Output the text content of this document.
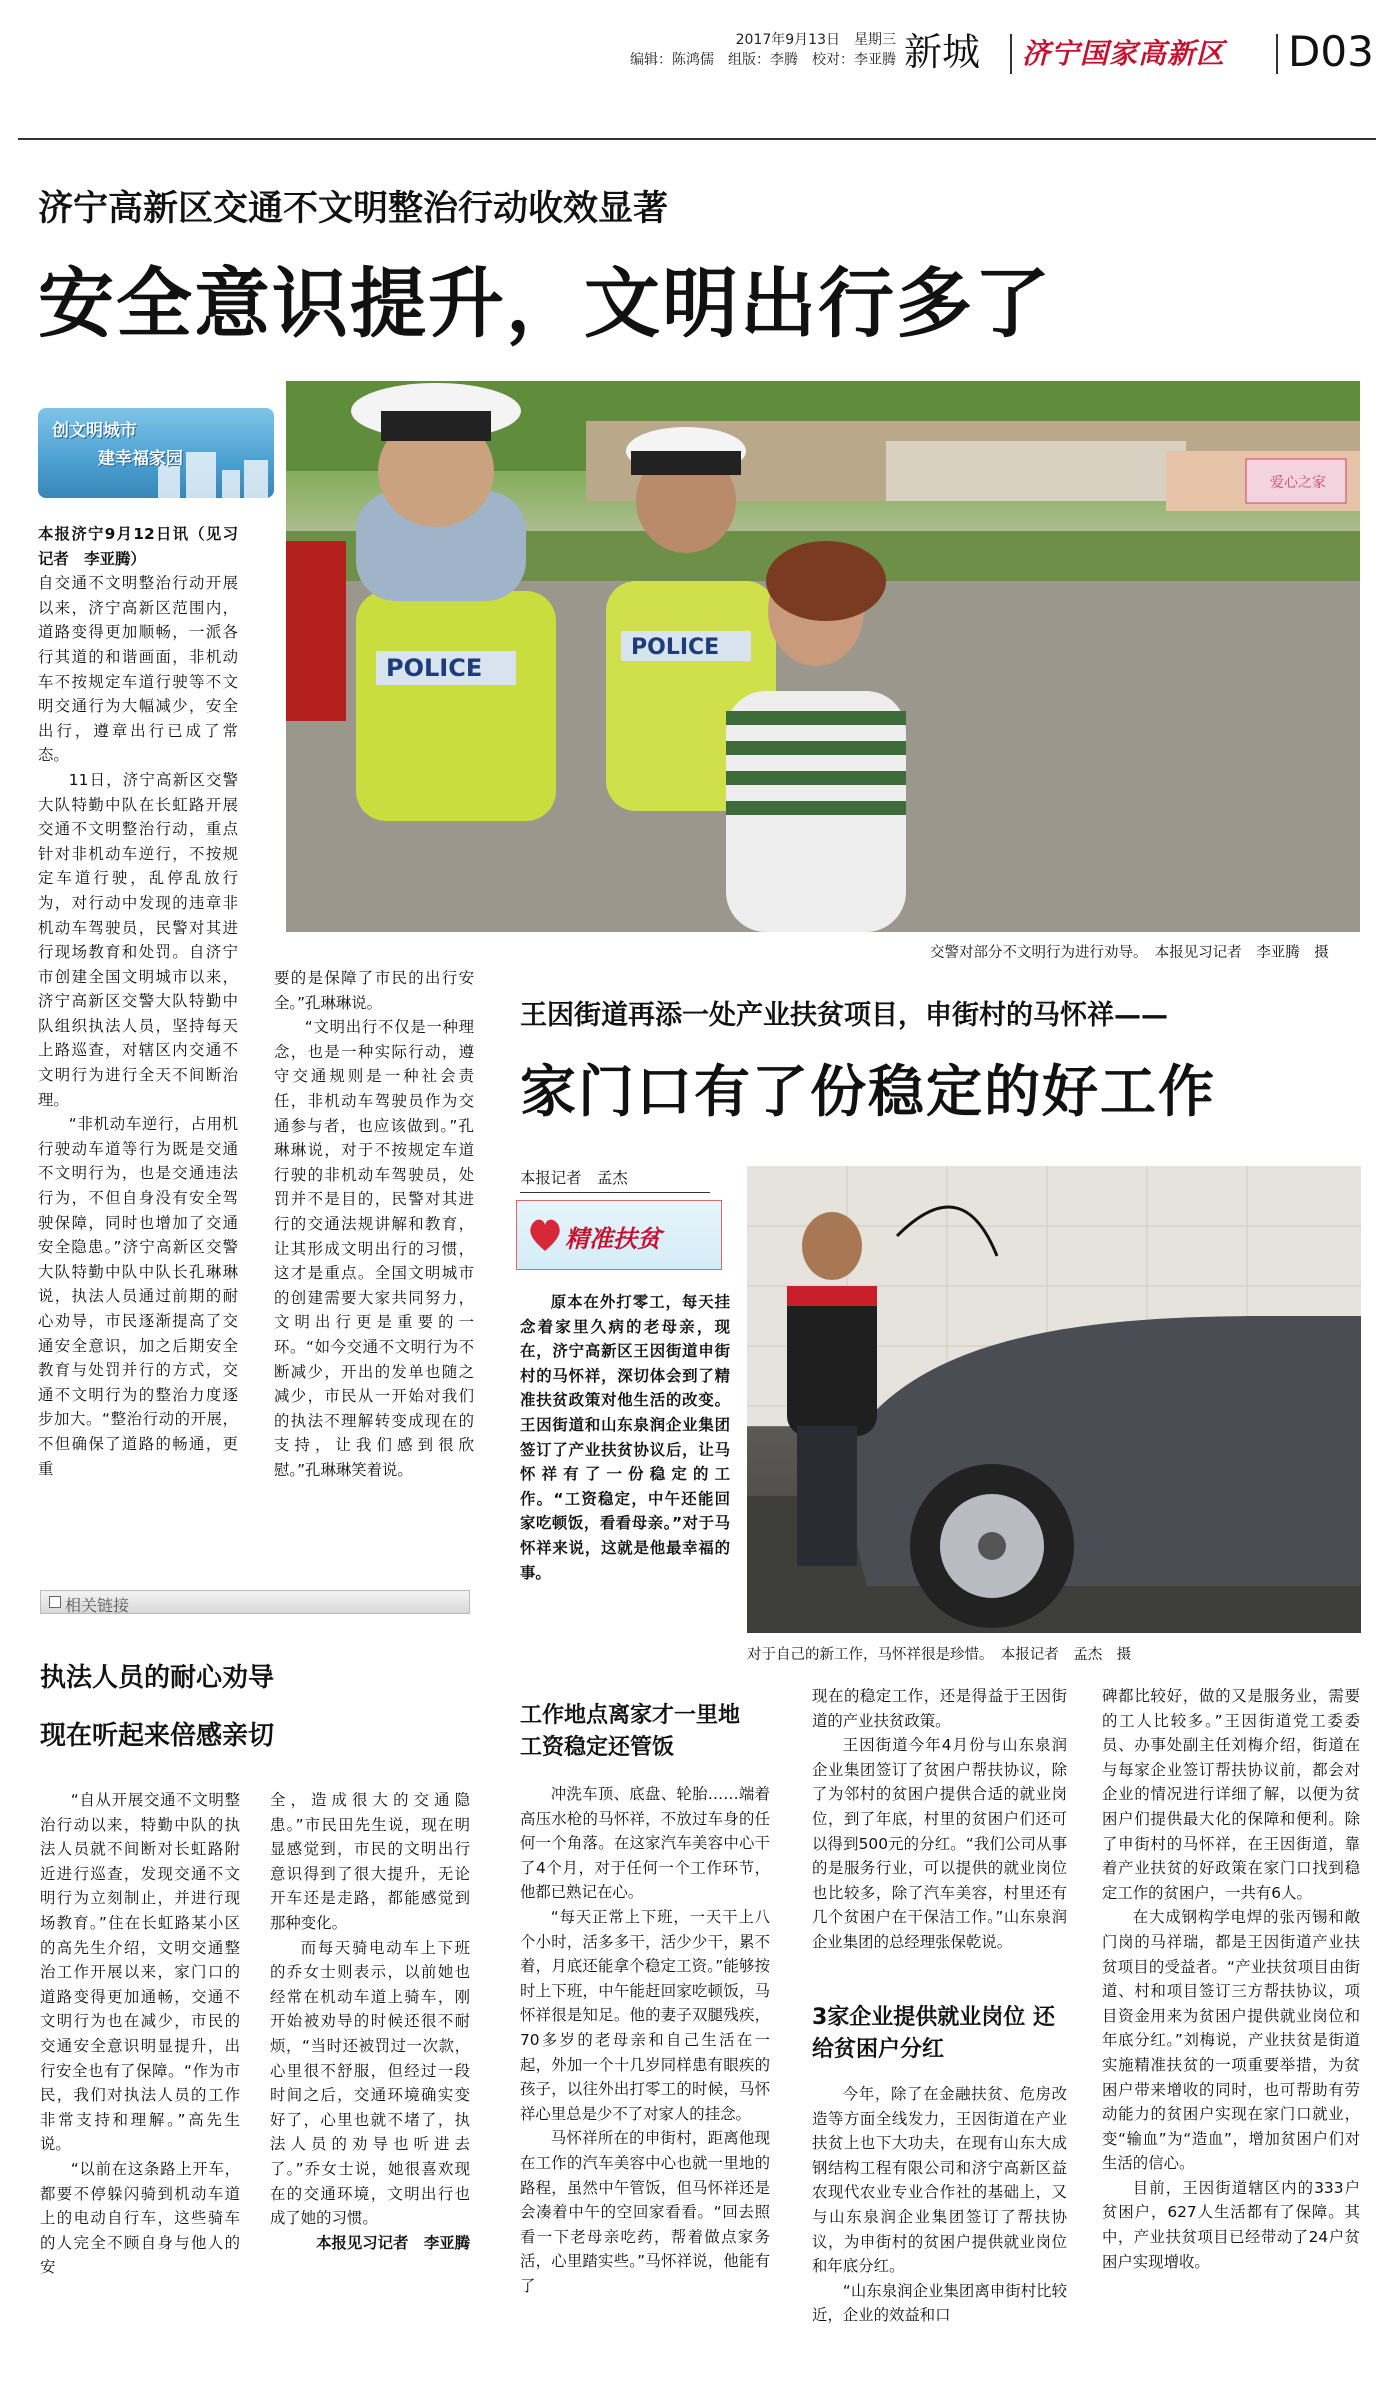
2017年9月13日　星期三
编辑：陈鸿儒　组版：李腾　校对：李亚腾 新城 济宁国家高新区 D03
济宁高新区交通不文明整治行动收效显著
安全意识提升，文明出行多了
创文明城市
建幸福家园
本报济宁9月12日讯（见习记者　李亚腾）
自交通不文明整治行动开展以来，济宁高新区范围内，道路变得更加顺畅，一派各行其道的和谐画面，非机动车不按规定车道行驶等不文明交通行为大幅减少，安全出行，遵章出行已成了常态。

11日，济宁高新区交警大队特勤中队在长虹路开展交通不文明整治行动，重点针对非机动车逆行，不按规定车道行驶，乱停乱放行为，对行动中发现的违章非机动车驾驶员，民警对其进行现场教育和处罚。自济宁市创建全国文明城市以来，济宁高新区交警大队特勤中队组织执法人员，坚持每天上路巡查，对辖区内交通不文明行为进行全天不间断治理。

“非机动车逆行，占用机行驶动车道等行为既是交通不文明行为，也是交通违法行为，不但自身没有安全驾驶保障，同时也增加了交通安全隐患。”济宁高新区交警大队特勤中队中队长孔琳琳说，执法人员通过前期的耐心劝导，市民逐渐提高了交通安全意识，加之后期安全教育与处罚并行的方式，交通不文明行为的整治力度逐步加大。“整治行动的开展，不但确保了道路的畅通，更重

要的是保障了市民的出行安全。”孔琳琳说。

“文明出行不仅是一种理念，也是一种实际行动，遵守交通规则是一种社会责任，非机动车驾驶员作为交通参与者，也应该做到。”孔琳琳说，对于不按规定车道行驶的非机动车驾驶员，处罚并不是目的，民警对其进行的交通法规讲解和教育，让其形成文明出行的习惯，这才是重点。全国文明城市的创建需要大家共同努力，文明出行更是重要的一环。“如今交通不文明行为不断减少，开出的发单也随之减少，市民从一开始对我们的执法不理解转变成现在的支持，让我们感到很欣慰。”孔琳琳笑着说。

爱心之家
POLICE
POLICE
交警对部分不文明行为进行劝导。　本报见习记者　李亚腾　摄
王因街道再添一处产业扶贫项目，申街村的马怀祥——
家门口有了份稳定的好工作
本报记者　孟杰
精准扶贫

原本在外打零工，每天挂念着家里久病的老母亲，现在，济宁高新区王因街道申街村的马怀祥，深切体会到了精准扶贫政策对他生活的改变。王因街道和山东泉润企业集团签订了产业扶贫协议后，让马怀祥有了一份稳定的工作。“工资稳定，中午还能回家吃顿饭，看看母亲。”对于马怀祥来说，这就是他最幸福的事。

对于自己的新工作，马怀祥很是珍惜。　本报记者　孟杰　摄
相关链接
执法人员的耐心劝导
现在听起来倍感亲切

“自从开展交通不文明整治行动以来，特勤中队的执法人员就不间断对长虹路附近进行巡查，发现交通不文明行为立刻制止，并进行现场教育。”住在长虹路某小区的高先生介绍，文明交通整治工作开展以来，家门口的道路变得更加通畅，交通不文明行为也在减少，市民的交通安全意识明显提升，出行安全也有了保障。“作为市民，我们对执法人员的工作非常支持和理解。”高先生说。

“以前在这条路上开车，都要不停躲闪骑到机动车道上的电动自行车，这些骑车的人完全不顾自身与他人的安

全，造成很大的交通隐患。”市民田先生说，现在明显感觉到，市民的文明出行意识得到了很大提升，无论开车还是走路，都能感觉到那种变化。

而每天骑电动车上下班的乔女士则表示，以前她也经常在机动车道上骑车，刚开始被劝导的时候还很不耐烦，“当时还被罚过一次款，心里很不舒服，但经过一段时间之后，交通环境确实变好了，心里也就不堵了，执法人员的劝导也听进去了。”乔女士说，她很喜欢现在的交通环境，文明出行也成了她的习惯。

本报见习记者　李亚腾
工作地点离家才一里地 工资稳定还管饭

冲洗车顶、底盘、轮胎……端着高压水枪的马怀祥，不放过车身的任何一个角落。在这家汽车美容中心干了4个月，对于任何一个工作环节，他都已熟记在心。

“每天正常上下班，一天干上八个小时，活多多干，活少少干，累不着，月底还能拿个稳定工资。”能够按时上下班，中午能赶回家吃顿饭，马怀祥很是知足。他的妻子双腿残疾，70多岁的老母亲和自己生活在一起，外加一个十几岁同样患有眼疾的孩子，以往外出打零工的时候，马怀祥心里总是少不了对家人的挂念。

马怀祥所在的申街村，距离他现在工作的汽车美容中心也就一里地的路程，虽然中午管饭，但马怀祥还是会凑着中午的空回家看看。“回去照看一下老母亲吃药，帮着做点家务活，心里踏实些。”马怀祥说，他能有了

现在的稳定工作，还是得益于王因街道的产业扶贫政策。

王因街道今年4月份与山东泉润企业集团签订了贫困户帮扶协议，除了为邻村的贫困户提供合适的就业岗位，到了年底，村里的贫困户们还可以得到500元的分红。“我们公司从事的是服务行业，可以提供的就业岗位也比较多，除了汽车美容，村里还有几个贫困户在干保洁工作。”山东泉润企业集团的总经理张保乾说。

3家企业提供就业岗位 还给贫困户分红

今年，除了在金融扶贫、危房改造等方面全线发力，王因街道在产业扶贫上也下大功夫，在现有山东大成钢结构工程有限公司和济宁高新区益农现代农业专业合作社的基础上，又与山东泉润企业集团签订了帮扶协议，为申街村的贫困户提供就业岗位和年底分红。

“山东泉润企业集团离申街村比较近，企业的效益和口

碑都比较好，做的又是服务业，需要的工人比较多。”王因街道党工委委员、办事处副主任刘梅介绍，街道在与每家企业签订帮扶协议前，都会对企业的情况进行详细了解，以便为贫困户们提供最大化的保障和便利。除了申街村的马怀祥，在王因街道，靠着产业扶贫的好政策在家门口找到稳定工作的贫困户，一共有6人。

在大成钢构学电焊的张丙锡和敞门岗的马祥瑞，都是王因街道产业扶贫项目的受益者。“产业扶贫项目由街道、村和项目签订三方帮扶协议，项目资金用来为贫困户提供就业岗位和年底分红。”刘梅说，产业扶贫是街道实施精准扶贫的一项重要举措，为贫困户带来增收的同时，也可帮助有劳动能力的贫困户实现在家门口就业，变“输血”为“造血”，增加贫困户们对生活的信心。

目前，王因街道辖区内的333户贫困户，627人生活都有了保障。其中，产业扶贫项目已经带动了24户贫困户实现增收。
